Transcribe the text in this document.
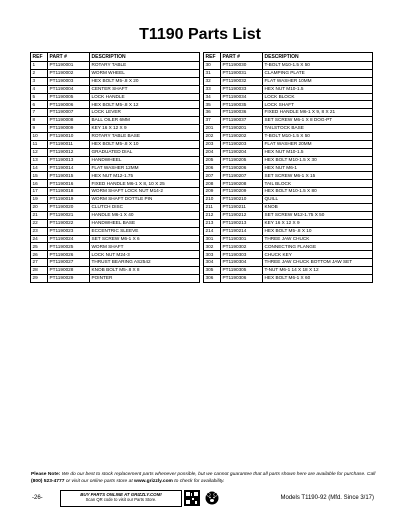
T1190 Parts List
REF	PART #	DESCRIPTION
1	PT1190001	ROTARY TABLE
2	PT1190002	WORM WHEEL
3	PT1190003	HEX BOLT M5-.8 X 20
4	PT1190004	CENTER SHAFT
5	PT1190005	LOCK HANDLE
6	PT1190006	HEX BOLT M5-.8 X 12
7	PT1190007	LOCK LEVER
8	PT1190008	BALL OILER 6MM
9	PT1190009	KEY 16 X 12 X 9
10	PT1190010	ROTARY TABLE BASE
11	PT1190011	HEX BOLT M5-.8 X 10
12	PT1190012	GRADUATED DIAL
13	PT1190013	HANDWHEEL
14	PT1190014	FLAT WASHER 12MM
15	PT1190015	HEX NUT M12-1.75
16	PT1190016	FIXED HANDLE M6-1 X 8, 10 X 25
17	PT1190018	WORM SHAFT LOCK NUT M14-2
19	PT1190019	WORM SHAFT DOTTLE PIN
20	PT1190020	CLUTCH DISC
21	PT1190021	HANDLE M6-1 X 40
22	PT1190022	HANDWHEEL BASE
23	PT1190023	ECCENTRIC SLEEVE
24	PT1190024	SET SCREW M6-1 X 6
25	PT1190025	WORM SHAFT
26	PT1190026	LOCK NUT M24-3
27	PT1190027	THRUST BEARING AS2542
28	PT1190028	KNOB BOLT M5-.8 X 8
29	PT1190029	POINTER
REF	PART #	DESCRIPTION
30	PT1190030	T-BOLT M10-1.5 X 50
31	PT1190031	CLAMPING PLATE
32	PT1190032	FLAT WASHER 10MM
33	PT1190033	HEX NUT M10-1.5
34	PT1190034	LOCK BLOCK
35	PT1190035	LOCK SHAFT
36	PT1190036	FIXED HANDLE M6-1 X 9, 8 X 21
37	PT1190037	SET SCREW M6-1 X 8 DOG-PT
201	PT1190201	TAILSTOCK BASE
202	PT1190202	T-BOLT M10-1.5 X 50
203	PT1190203	FLAT WASHER 20MM
204	PT1190204	HEX NUT M10-1.5
205	PT1190205	HEX BOLT M10-1.5 X 30
206	PT1190206	HEX NUT M6-1
207	PT1190207	SET SCREW M6-1 X 15
208	PT1190208	TAIL BLOCK
209	PT1190209	HEX BOLT M10-1.5 X 80
210	PT1190210	QUILL
211	PT1190211	KNOB
212	PT1190212	SET SCREW M12-1.75 X 50
213	PT1190213	KEY 16 X 12 X 9
214	PT1190214	HEX BOLT M5-.8 X 10
301	PT1190301	THREE JAW CHUCK
302	PT1190302	CONNECTING FLANGE
303	PT1190303	CHUCK KEY
304	PT1190304	THREE JAW CHUCK BOTTOM JAW SET
305	PT1190305	T-NUT M6-1 14 X 18 X 12
306	PT1190306	HEX BOLT M6-1 X 60
Please Note: We do our best to stock replacement parts whenever possible, but we cannot guarantee that all parts shown here are available for purchase. Call (800) 523-4777 or visit our online parts store at www.grizzly.com to check for availability.
-26-
BUY PARTS ONLINE AT GRIZZLY.COM!
Scan QR code to visit our Parts Store.	Models T1190-92 (Mfd. Since 3/17)
